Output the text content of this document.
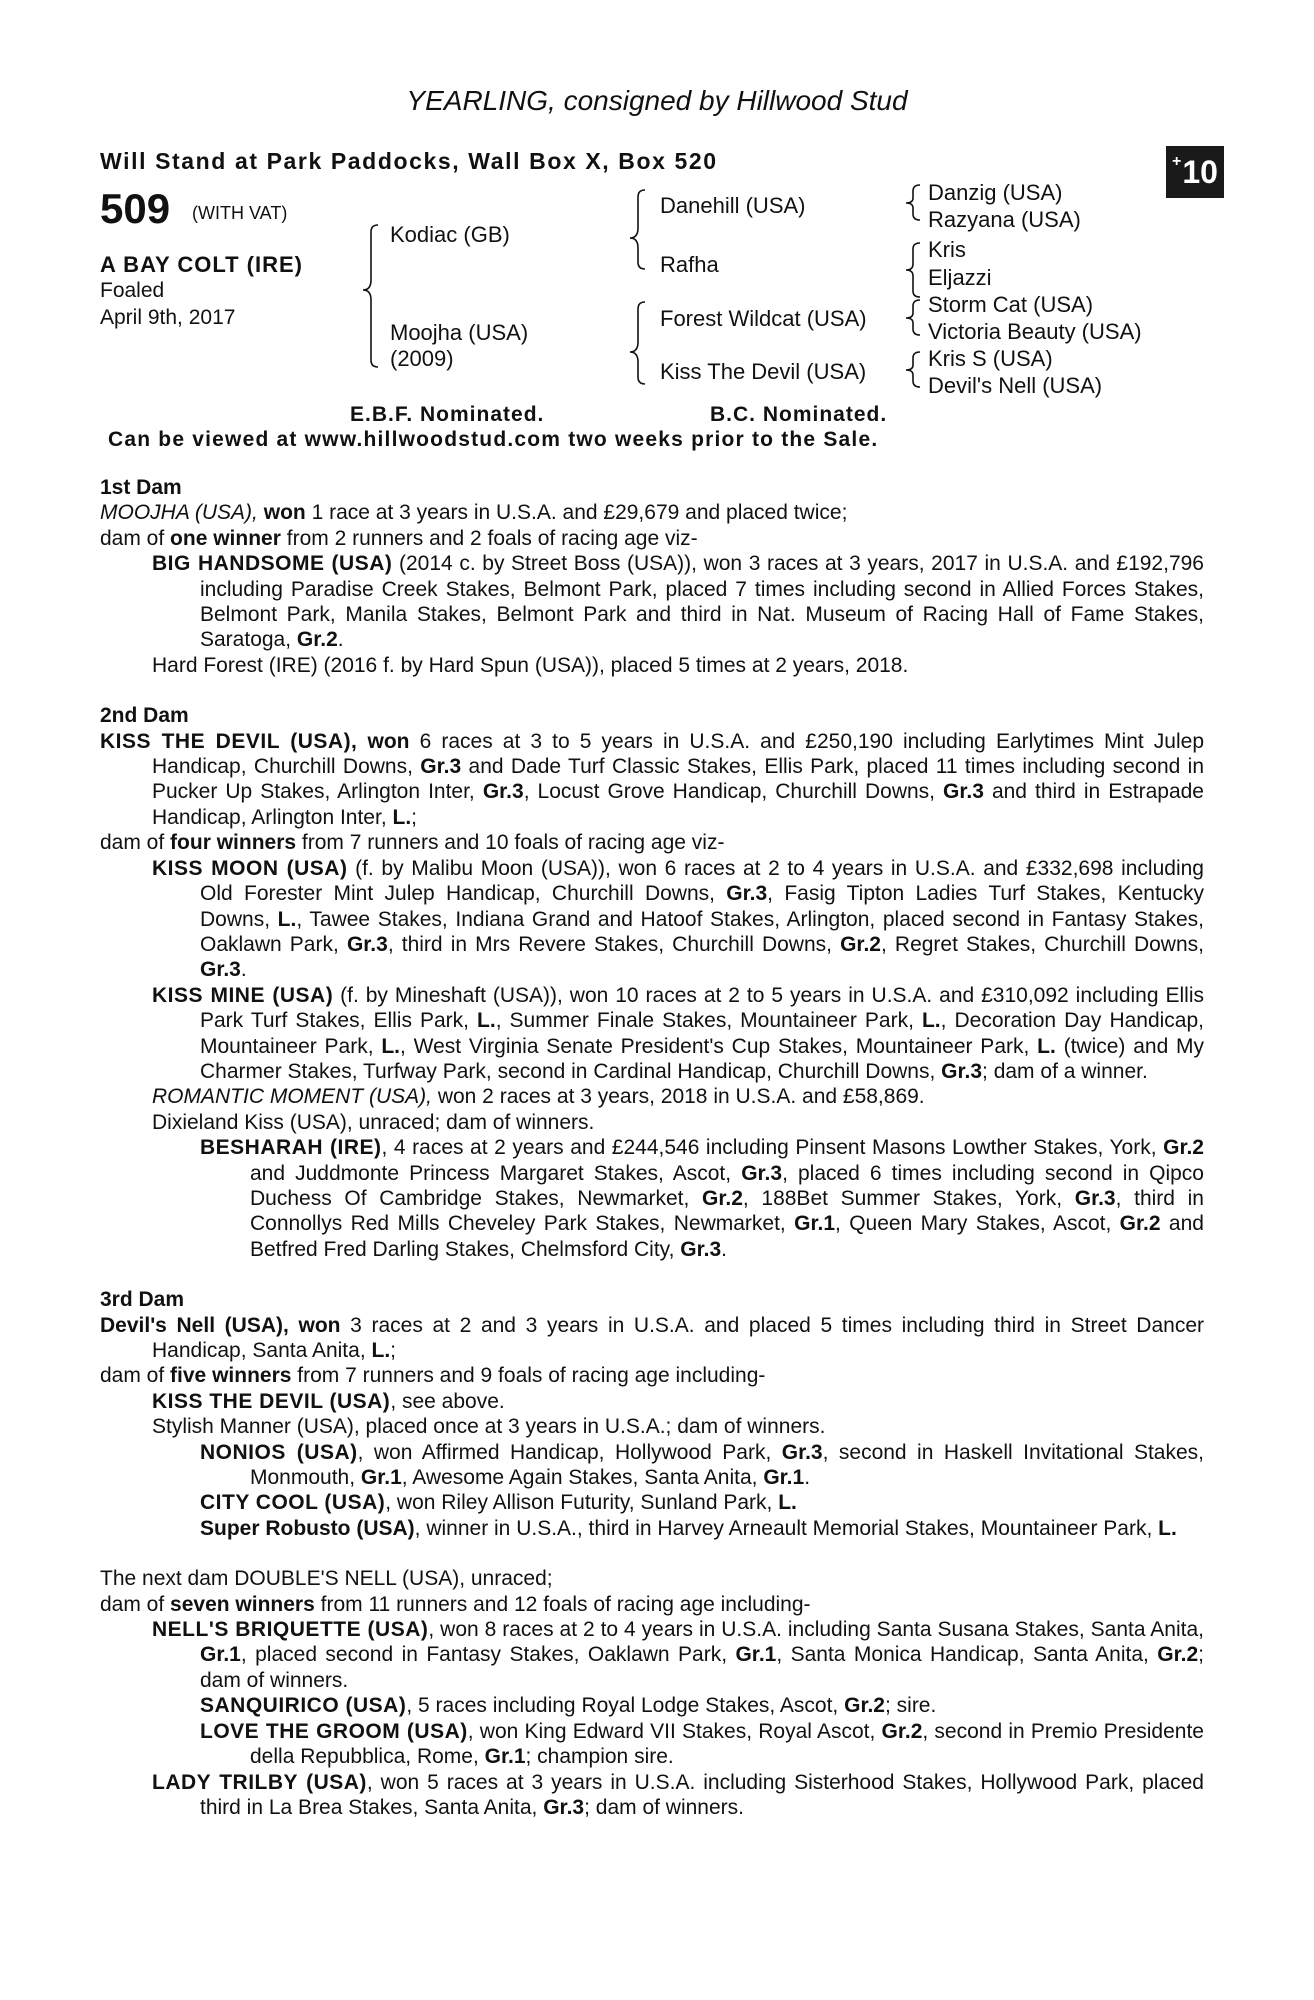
YEARLING, consigned by Hillwood Stud
Will Stand at Park Paddocks, Wall Box X, Box 520	+ 10
509 (WITH VAT)
A BAY COLT (IRE)
Foaled
April 9th, 2017
Kodiac (GB)
Moojha (USA)
(2009)
Danehill (USA)
Rafha
Forest Wildcat (USA)
Kiss The Devil (USA)
Danzig (USA)
Razyana (USA)
Kris
Eljazzi
Storm Cat (USA)
Victoria Beauty (USA)
Kris S (USA)
Devil's Nell (USA)
E.B.F. Nominated.	B.C. Nominated.
Can be viewed at www.hillwoodstud.com two weeks prior to the Sale.
1st Dam
MOOJHA (USA), won 1 race at 3 years in U.S.A. and £29,679 and placed twice;
dam of one winner from 2 runners and 2 foals of racing age viz-
BIG HANDSOME (USA) (2014 c. by Street Boss (USA)), won 3 races at 3 years, 2017 in U.S.A. and £192,796 including Paradise Creek Stakes, Belmont Park, placed 7 times including second in Allied Forces Stakes, Belmont Park, Manila Stakes, Belmont Park and third in Nat. Museum of Racing Hall of Fame Stakes, Saratoga, Gr.2.
Hard Forest (IRE) (2016 f. by Hard Spun (USA)), placed 5 times at 2 years, 2018.
2nd Dam
KISS THE DEVIL (USA), won 6 races at 3 to 5 years in U.S.A. and £250,190 including Earlytimes Mint Julep Handicap, Churchill Downs, Gr.3 and Dade Turf Classic Stakes, Ellis Park, placed 11 times including second in Pucker Up Stakes, Arlington Inter, Gr.3, Locust Grove Handicap, Churchill Downs, Gr.3 and third in Estrapade Handicap, Arlington Inter, L.;
dam of four winners from 7 runners and 10 foals of racing age viz-
KISS MOON (USA) (f. by Malibu Moon (USA)), won 6 races at 2 to 4 years in U.S.A. and £332,698 including Old Forester Mint Julep Handicap, Churchill Downs, Gr.3, Fasig Tipton Ladies Turf Stakes, Kentucky Downs, L., Tawee Stakes, Indiana Grand and Hatoof Stakes, Arlington, placed second in Fantasy Stakes, Oaklawn Park, Gr.3, third in Mrs Revere Stakes, Churchill Downs, Gr.2, Regret Stakes, Churchill Downs, Gr.3.
KISS MINE (USA) (f. by Mineshaft (USA)), won 10 races at 2 to 5 years in U.S.A. and £310,092 including Ellis Park Turf Stakes, Ellis Park, L., Summer Finale Stakes, Mountaineer Park, L., Decoration Day Handicap, Mountaineer Park, L., West Virginia Senate President's Cup Stakes, Mountaineer Park, L. (twice) and My Charmer Stakes, Turfway Park, second in Cardinal Handicap, Churchill Downs, Gr.3; dam of a winner.
ROMANTIC MOMENT (USA), won 2 races at 3 years, 2018 in U.S.A. and £58,869.
Dixieland Kiss (USA), unraced; dam of winners.
BESHARAH (IRE), 4 races at 2 years and £244,546 including Pinsent Masons Lowther Stakes, York, Gr.2 and Juddmonte Princess Margaret Stakes, Ascot, Gr.3, placed 6 times including second in Qipco Duchess Of Cambridge Stakes, Newmarket, Gr.2, 188Bet Summer Stakes, York, Gr.3, third in Connollys Red Mills Cheveley Park Stakes, Newmarket, Gr.1, Queen Mary Stakes, Ascot, Gr.2 and Betfred Fred Darling Stakes, Chelmsford City, Gr.3.
3rd Dam
Devil's Nell (USA), won 3 races at 2 and 3 years in U.S.A. and placed 5 times including third in Street Dancer Handicap, Santa Anita, L.;
dam of five winners from 7 runners and 9 foals of racing age including-
KISS THE DEVIL (USA), see above.
Stylish Manner (USA), placed once at 3 years in U.S.A.; dam of winners.
NONIOS (USA), won Affirmed Handicap, Hollywood Park, Gr.3, second in Haskell Invitational Stakes, Monmouth, Gr.1, Awesome Again Stakes, Santa Anita, Gr.1.
CITY COOL (USA), won Riley Allison Futurity, Sunland Park, L.
Super Robusto (USA), winner in U.S.A., third in Harvey Arneault Memorial Stakes, Mountaineer Park, L.
The next dam DOUBLE'S NELL (USA), unraced;
dam of seven winners from 11 runners and 12 foals of racing age including-
NELL'S BRIQUETTE (USA), won 8 races at 2 to 4 years in U.S.A. including Santa Susana Stakes, Santa Anita, Gr.1, placed second in Fantasy Stakes, Oaklawn Park, Gr.1, Santa Monica Handicap, Santa Anita, Gr.2; dam of winners.
SANQUIRICO (USA), 5 races including Royal Lodge Stakes, Ascot, Gr.2; sire.
LOVE THE GROOM (USA), won King Edward VII Stakes, Royal Ascot, Gr.2, second in Premio Presidente della Repubblica, Rome, Gr.1; champion sire.
LADY TRILBY (USA), won 5 races at 3 years in U.S.A. including Sisterhood Stakes, Hollywood Park, placed third in La Brea Stakes, Santa Anita, Gr.3; dam of winners.
